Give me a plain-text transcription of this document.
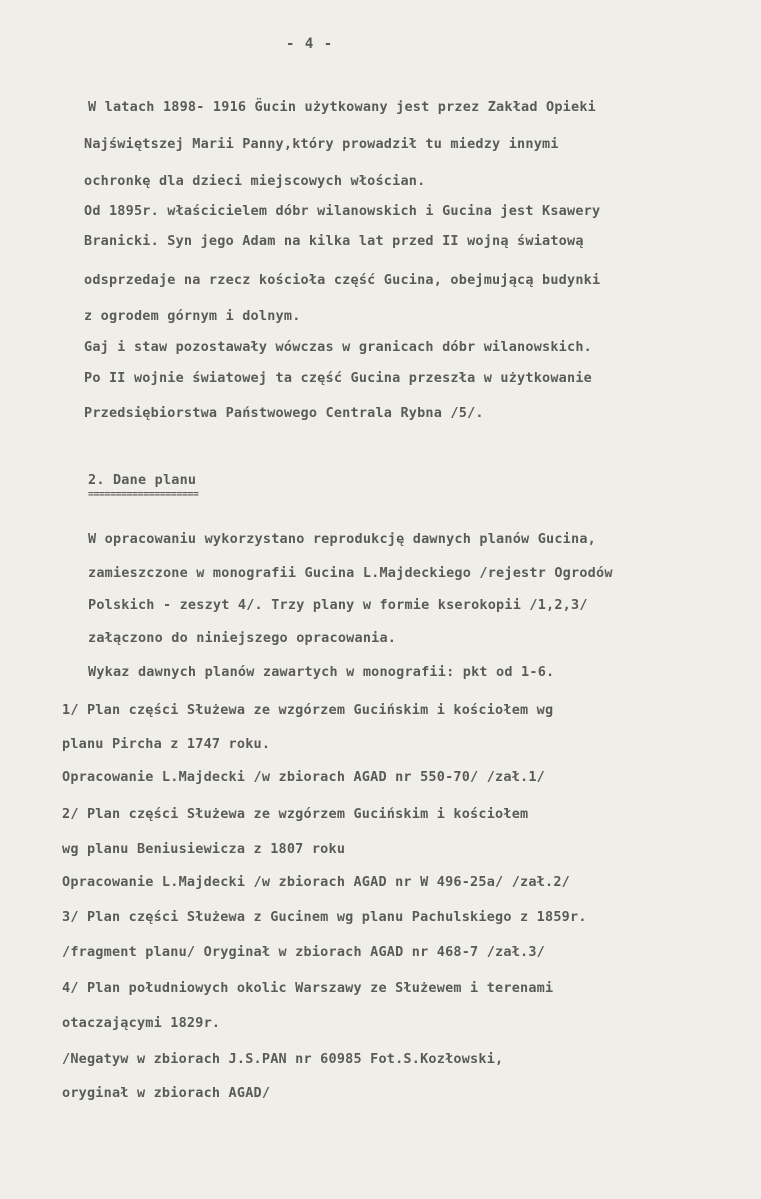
- 4 -
W latach 1898- 1916 G̈ucin użytkowany jest przez Zakład Opieki
Najświętszej Marii Panny,który prowadził tu miedzy innymi
ochronkę dla dzieci miejscowych włościan.
Od 1895r. właścicielem dóbr wilanowskich i Gucina jest Ksawery
Branicki. Syn jego Adam na kilka lat przed II wojną światową
odsprzedaje na rzecz kościoła część Gucina, obejmującą budynki
z ogrodem górnym i dolnym.
Gaj i staw pozostawały wówczas w granicach dóbr wilanowskich.
Po II wojnie światowej ta część Gucina przeszła w użytkowanie
Przedsiębiorstwa Państwowego Centrala Rybna /5/.
2. Dane planu
====================
W opracowaniu wykorzystano reprodukcję dawnych planów Gucina,
zamieszczone w monografii Gucina L.Majdeckiego /rejestr Ogrodów
Polskich - zeszyt 4/. Trzy plany w formie kserokopii /1,2,3/
załączono do niniejszego opracowania.
Wykaz dawnych planów zawartych w monografii: pkt od 1-6.
1/ Plan części Służewa ze wzgórzem Gucińskim i kościołem wg
planu Pircha z 1747 roku.
Opracowanie L.Majdecki /w zbiorach AGAD nr 550-70/ /zał.1/
2/ Plan części Służewa ze wzgórzem Gucińskim i kościołem
wg planu Beniusiewicza z 1807 roku
Opracowanie L.Majdecki /w zbiorach AGAD nr W 496-25a/ /zał.2/
3/ Plan części Służewa z Gucinem wg planu Pachulskiego z 1859r.
/fragment planu/ Oryginał w zbiorach AGAD nr 468-7 /zał.3/
4/ Plan południowych okolic Warszawy ze Służewem i terenami
otaczającymi 1829r.
/Negatyw w zbiorach J.S.PAN nr 60985 Fot.S.Kozłowski,
oryginał w zbiorach AGAD/
